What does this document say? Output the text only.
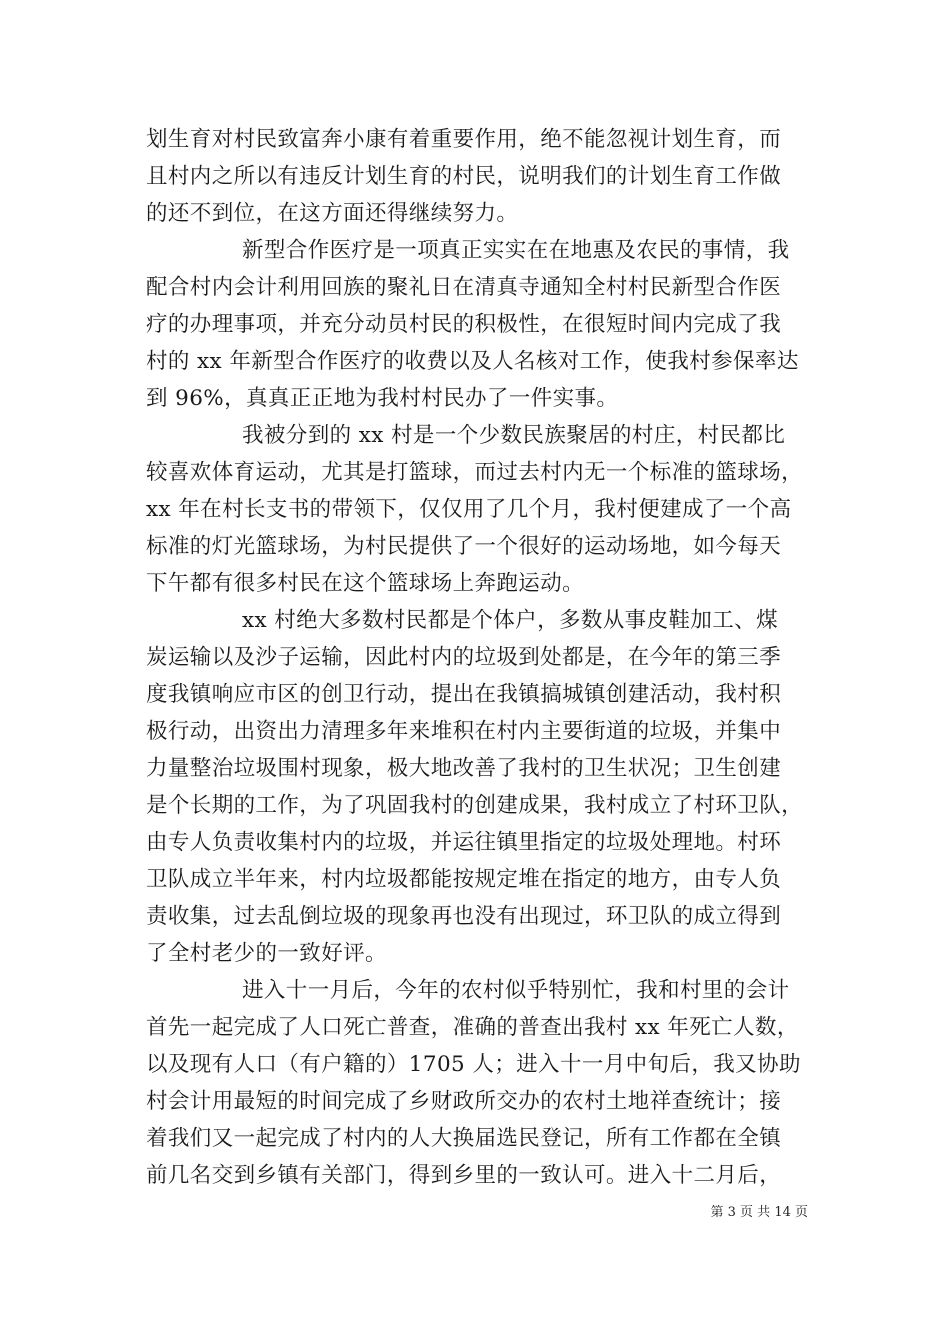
划生育对村民致富奔小康有着重要作用，绝不能忽视计划生育，而
且村内之所以有违反计划生育的村民，说明我们的计划生育工作做
的还不到位，在这方面还得继续努力。
新型合作医疗是一项真正实实在在地惠及农民的事情，我
配合村内会计利用回族的聚礼日在清真寺通知全村村民新型合作医
疗的办理事项，并充分动员村民的积极性，在很短时间内完成了我
村的 xx 年新型合作医疗的收费以及人名核对工作，使我村参保率达
到 96%，真真正正地为我村村民办了一件实事。
我被分到的 xx 村是一个少数民族聚居的村庄，村民都比
较喜欢体育运动，尤其是打篮球，而过去村内无一个标准的篮球场，
xx 年在村长支书的带领下，仅仅用了几个月，我村便建成了一个高
标准的灯光篮球场，为村民提供了一个很好的运动场地，如今每天
下午都有很多村民在这个篮球场上奔跑运动。
xx 村绝大多数村民都是个体户，多数从事皮鞋加工、煤
炭运输以及沙子运输，因此村内的垃圾到处都是，在今年的第三季
度我镇响应市区的创卫行动，提出在我镇搞城镇创建活动，我村积
极行动，出资出力清理多年来堆积在村内主要街道的垃圾，并集中
力量整治垃圾围村现象，极大地改善了我村的卫生状况；卫生创建
是个长期的工作，为了巩固我村的创建成果，我村成立了村环卫队，
由专人负责收集村内的垃圾，并运往镇里指定的垃圾处理地。村环
卫队成立半年来，村内垃圾都能按规定堆在指定的地方，由专人负
责收集，过去乱倒垃圾的现象再也没有出现过，环卫队的成立得到
了全村老少的一致好评。
进入十一月后，今年的农村似乎特别忙，我和村里的会计
首先一起完成了人口死亡普查，准确的普查出我村 xx 年死亡人数，
以及现有人口（有户籍的）1705 人；进入十一月中旬后，我又协助
村会计用最短的时间完成了乡财政所交办的农村土地祥查统计；接
着我们又一起完成了村内的人大换届选民登记，所有工作都在全镇
前几名交到乡镇有关部门，得到乡里的一致认可。进入十二月后，
第 3 页 共 14 页
